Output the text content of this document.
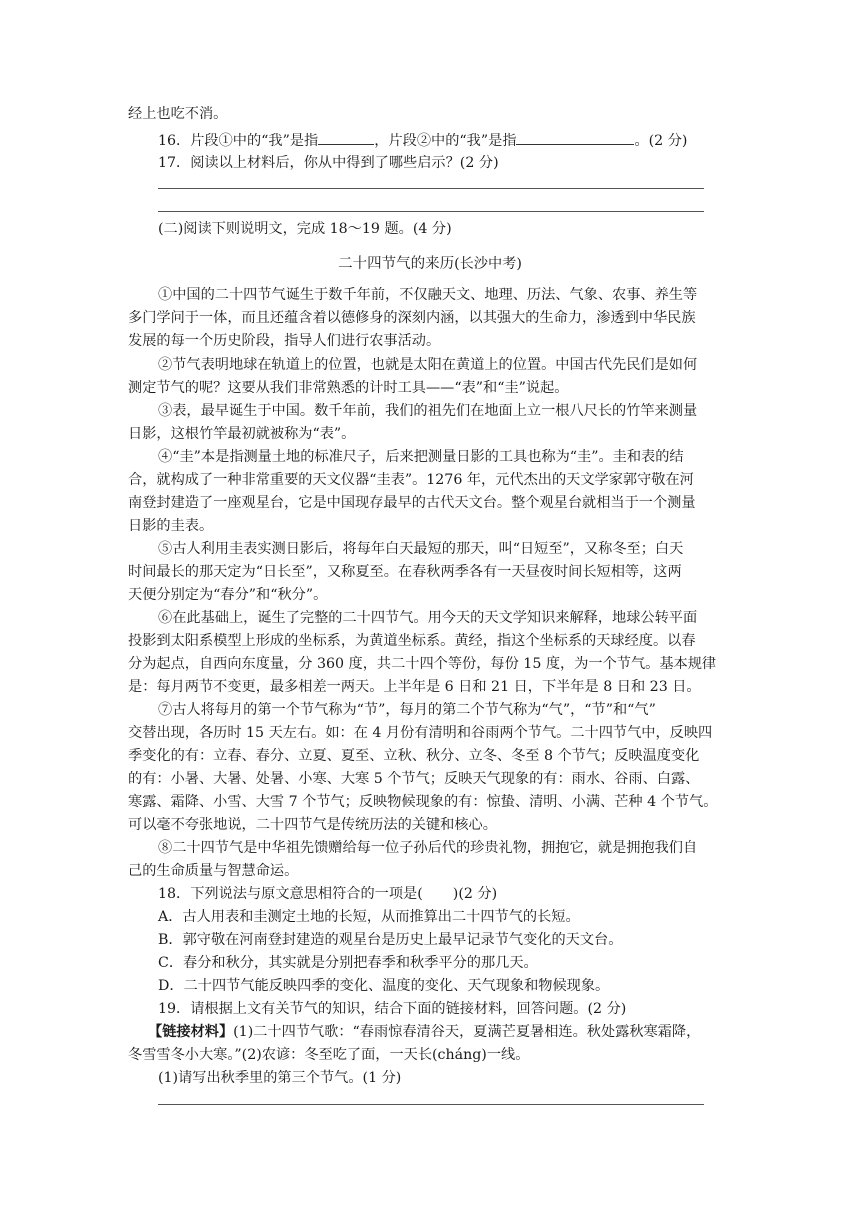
经上也吃不消。
16．片段①中的“我”是指	，片段②中的“我”是指	。(2 分)
17．阅读以上材料后，你从中得到了哪些启示？(2 分)
(二)阅读下则说明文，完成 18～19 题。(4 分)
二十四节气的来历(长沙中考)
①中国的二十四节气诞生于数千年前，不仅融天文、地理、历法、气象、农事、养生等
多门学问于一体，而且还蕴含着以德修身的深刻内涵，以其强大的生命力，渗透到中华民族
发展的每一个历史阶段，指导人们进行农事活动。
②节气表明地球在轨道上的位置，也就是太阳在黄道上的位置。中国古代先民们是如何
测定节气的呢？这要从我们非常熟悉的计时工具——“表”和“圭”说起。
③表，最早诞生于中国。数千年前，我们的祖先们在地面上立一根八尺长的竹竿来测量
日影，这根竹竿最初就被称为“表”。
④“圭”本是指测量土地的标准尺子，后来把测量日影的工具也称为“圭”。圭和表的结
合，就构成了一种非常重要的天文仪器“圭表”。1276 年，元代杰出的天文学家郭守敬在河
南登封建造了一座观星台，它是中国现存最早的古代天文台。整个观星台就相当于一个测量
日影的圭表。
⑤古人利用圭表实测日影后，将每年白天最短的那天，叫“日短至”，又称冬至；白天
时间最长的那天定为“日长至”，又称夏至。在春秋两季各有一天昼夜时间长短相等，这两
天便分别定为“春分”和“秋分”。
⑥在此基础上，诞生了完整的二十四节气。用今天的天文学知识来解释，地球公转平面
投影到太阳系模型上形成的坐标系，为黄道坐标系。黄经，指这个坐标系的天球经度。以春
分为起点，自西向东度量，分 360 度，共二十四个等份，每份 15 度，为一个节气。基本规律
是：每月两节不变更，最多相差一两天。上半年是 6 日和 21 日，下半年是 8 日和 23 日。
⑦古人将每月的第一个节气称为“节”，每月的第二个节气称为“气”，“节”和“气”
交替出现，各历时 15 天左右。如：在 4 月份有清明和谷雨两个节气。二十四节气中，反映四
季变化的有：立春、春分、立夏、夏至、立秋、秋分、立冬、冬至 8 个节气；反映温度变化
的有：小暑、大暑、处暑、小寒、大寒 5 个节气；反映天气现象的有：雨水、谷雨、白露、
寒露、霜降、小雪、大雪 7 个节气；反映物候现象的有：惊蛰、清明、小满、芒种 4 个节气。
可以毫不夸张地说，二十四节气是传统历法的关键和核心。
⑧二十四节气是中华祖先馈赠给每一位子孙后代的珍贵礼物，拥抱它，就是拥抱我们自
己的生命质量与智慧命运。
18．下列说法与原文意思相符合的一项是( )(2 分)
A．古人用表和圭测定土地的长短，从而推算出二十四节气的长短。
B．郭守敬在河南登封建造的观星台是历史上最早记录节气变化的天文台。
C．春分和秋分，其实就是分别把春季和秋季平分的那几天。
D．二十四节气能反映四季的变化、温度的变化、天气现象和物候现象。
19．请根据上文有关节气的知识，结合下面的链接材料，回答问题。(2 分)
【链接材料】(1)二十四节气歌：“春雨惊春清谷天，夏满芒夏暑相连。秋处露秋寒霜降，
冬雪雪冬小大寒。”(2)农谚：冬至吃了面，一天长(cháng)一线。
(1)请写出秋季里的第三个节气。(1 分)
